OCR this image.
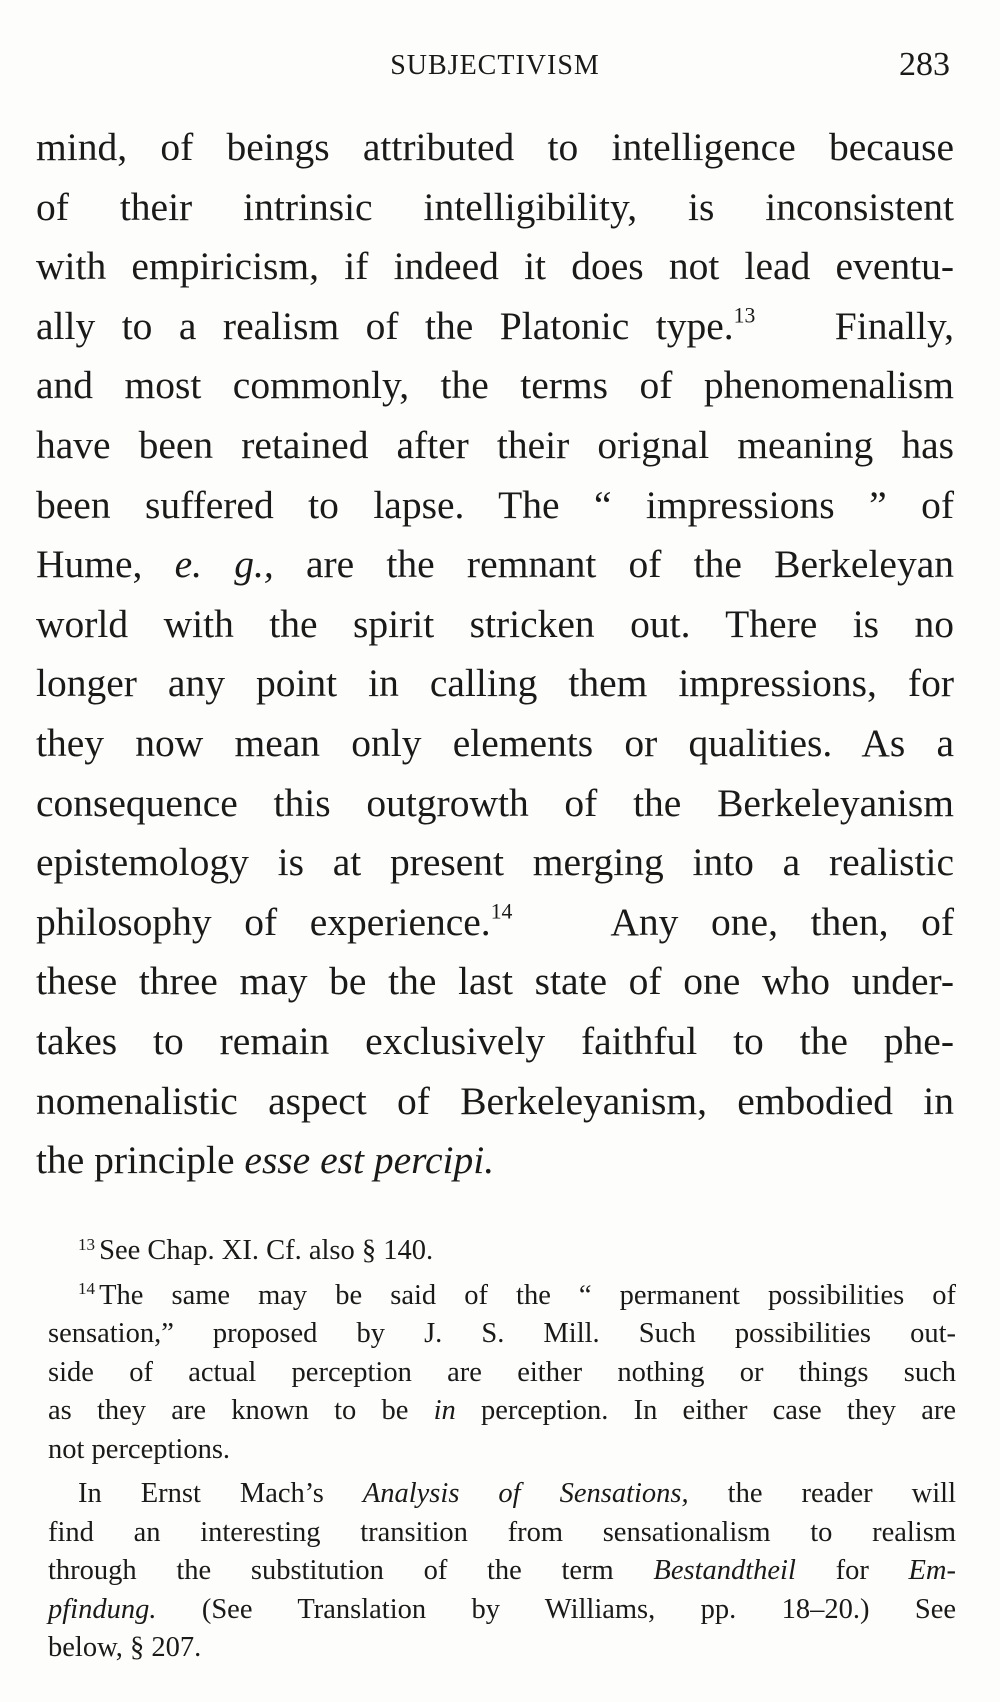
SUBJECTIVISM	283
mind, of beings attributed to intelligence because
of their intrinsic intelligibility, is inconsistent
with empiricism, if indeed it does not lead eventu-
ally to a realism of the Platonic type.$^{13}$ Finally,
and most commonly, the terms of phenomenalism
have been retained after their orignal meaning has
been suffered to lapse. The “ impressions ” of
Hume, e. g., are the remnant of the Berkeleyan
world with the spirit stricken out. There is no
longer any point in calling them impressions, for
they now mean only elements or qualities. As a
consequence this outgrowth of the Berkeleyanism
epistemology is at present merging into a realistic
philosophy of experience.$^{14}$ Any one, then, of
these three may be the last state of one who under-
takes to remain exclusively faithful to the phe-
nomenalistic aspect of Berkeleyanism, embodied in
the principle esse est percipi.
$^{13}$ See Chap. XI. Cf. also § 140.
$^{14}$ The same may be said of the “ permanent possibilities of
sensation,” proposed by J. S. Mill. Such possibilities out-
side of actual perception are either nothing or things such
as they are known to be in perception. In either case they are
not perceptions.
In Ernst Mach’s Analysis of Sensations, the reader will
find an interesting transition from sensationalism to realism
through the substitution of the term Bestandtheil for Em-
pfindung. (See Translation by Williams, pp. 18–20.) See
below, § 207.
